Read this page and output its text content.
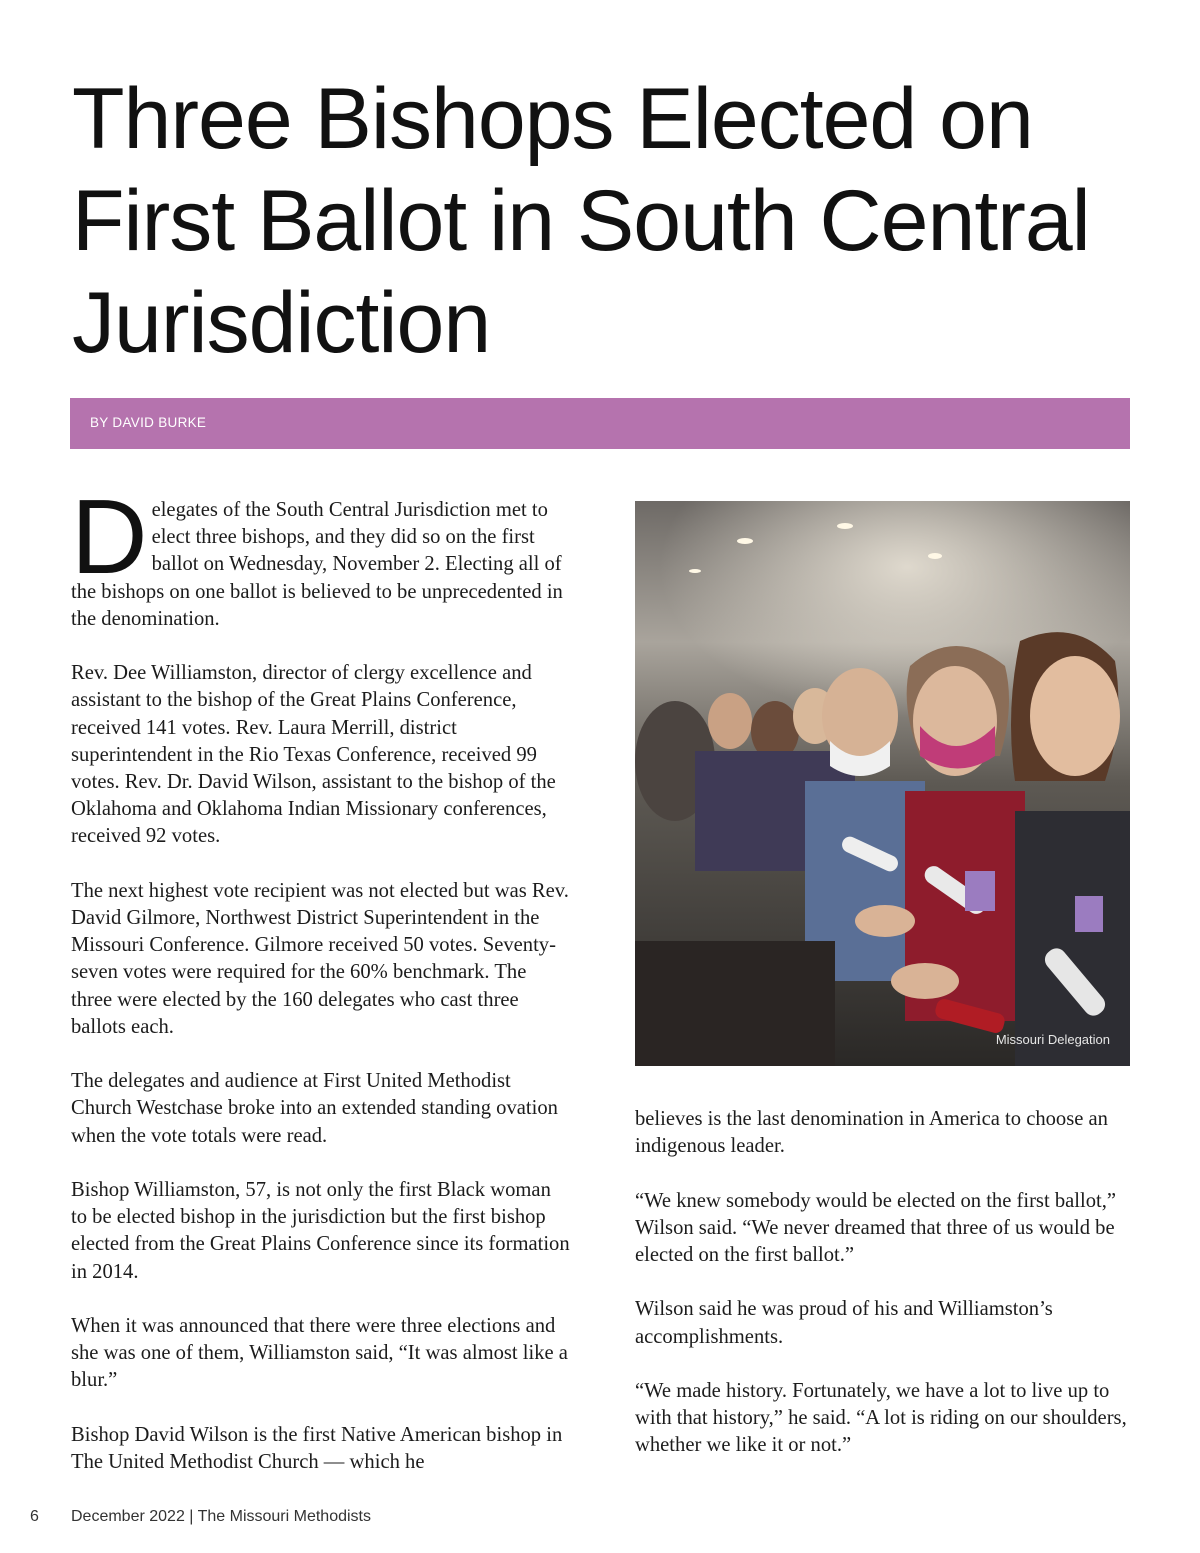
Three Bishops Elected on First Ballot in South Central Jurisdiction
BY DAVID BURKE

D elegates of the South Central Jurisdiction met to elect three bishops, and they did so on the first ballot on Wednesday, November 2. Electing all of the bishops on one ballot is believed to be unprecedented in the denomination.

Rev. Dee Williamston, director of clergy excellence and assistant to the bishop of the Great Plains Conference, received 141 votes. Rev. Laura Merrill, district superintendent in the Rio Texas Conference, received 99 votes. Rev. Dr. David Wilson, assistant to the bishop of the Oklahoma and Oklahoma Indian Missionary conferences, received 92 votes.

The next highest vote recipient was not elected but was Rev. David Gilmore, Northwest District Superintendent in the Missouri Conference. Gilmore received 50 votes. Seventy-seven votes were required for the 60% benchmark. The three were elected by the 160 delegates who cast three ballots each.

The delegates and audience at First United Methodist Church Westchase broke into an extended standing ovation when the vote totals were read.

Bishop Williamston, 57, is not only the first Black woman to be elected bishop in the jurisdiction but the first bishop elected from the Great Plains Conference since its formation in 2014.

When it was announced that there were three elections and she was one of them, Williamston said, “It was almost like a blur.”

Bishop David Wilson is the first Native American bishop in The United Methodist Church — which he

Missouri Delegation

believes is the last denomination in America to choose an indigenous leader.

“We knew somebody would be elected on the first ballot,” Wilson said. “We never dreamed that three of us would be elected on the first ballot.”

Wilson said he was proud of his and Williamston’s accomplishments.

“We made history. Fortunately, we have a lot to live up to with that history,” he said. “A lot is riding on our shoulders, whether we like it or not.”

6 December 2022 | The Missouri Methodists
